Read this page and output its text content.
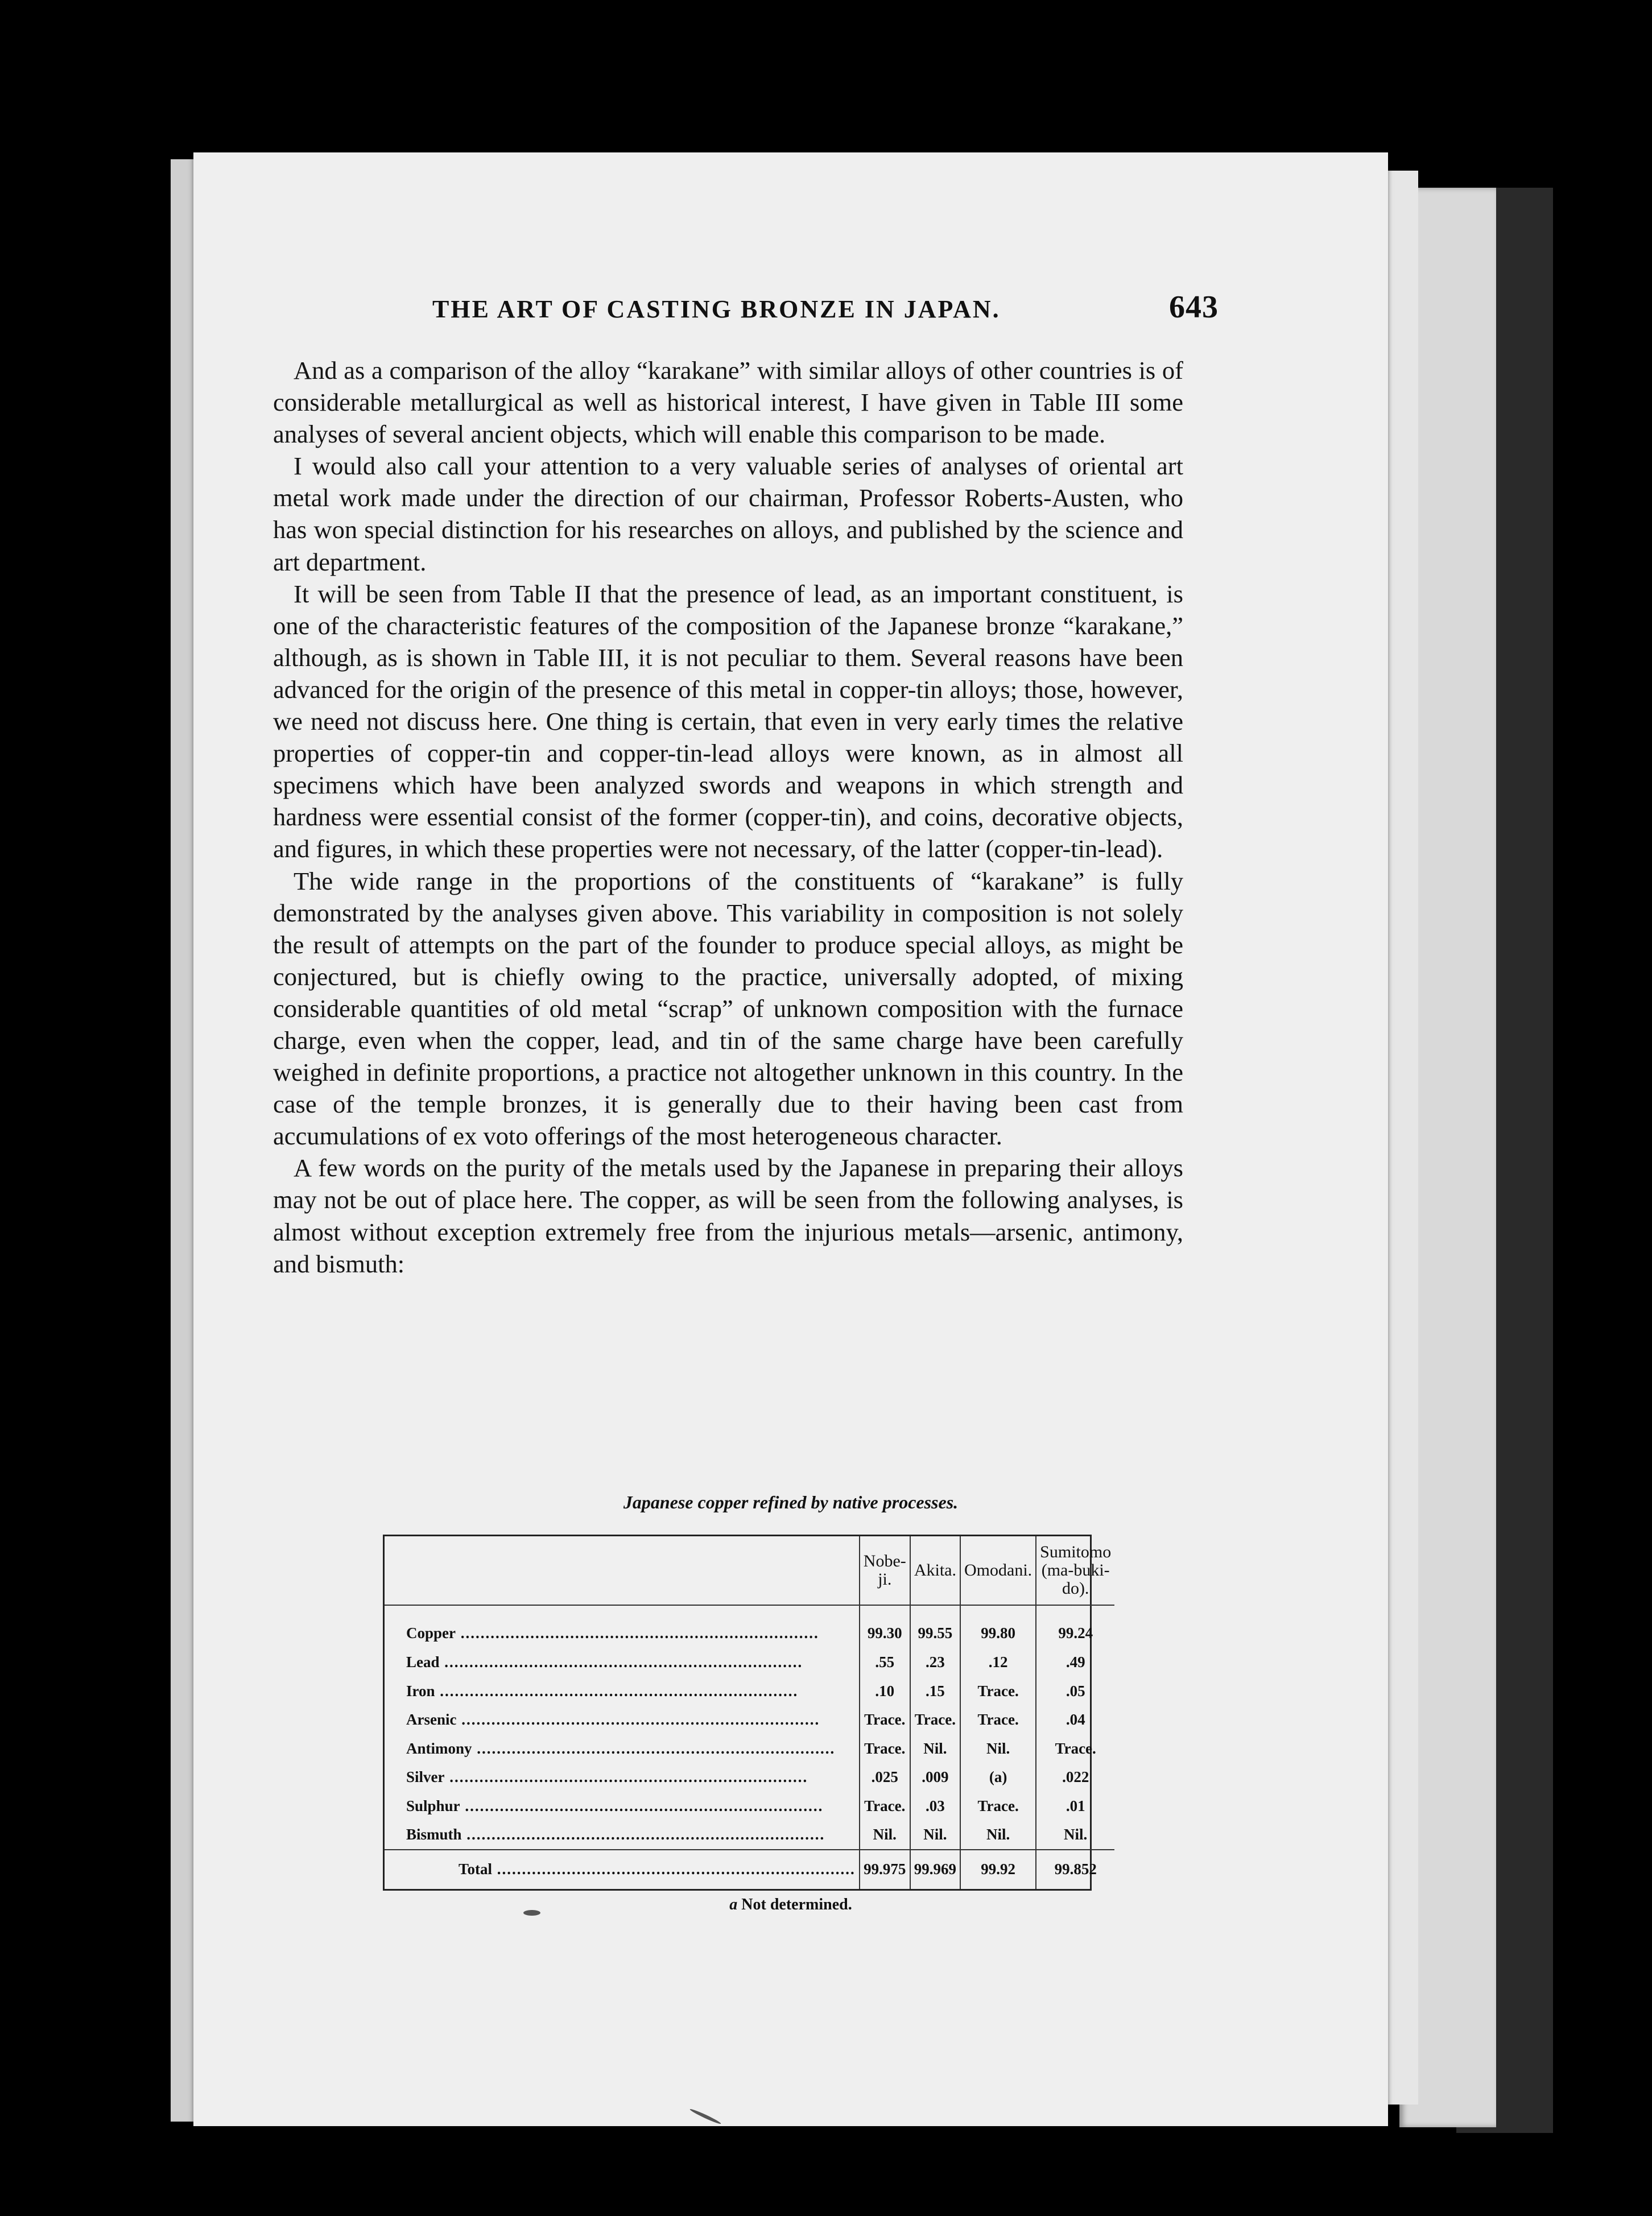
THE ART OF CASTING BRONZE IN JAPAN.	643

And as a comparison of the alloy “karakane” with similar alloys of other countries is of considerable metallurgical as well as historical interest, I have given in Table III some analyses of several ancient objects, which will enable this comparison to be made.

I would also call your attention to a very valuable series of analyses of oriental art metal work made under the direction of our chairman, Professor Roberts-Austen, who has won special distinction for his researches on alloys, and published by the science and art department.

It will be seen from Table II that the presence of lead, as an important constituent, is one of the characteristic features of the composition of the Japanese bronze “karakane,” although, as is shown in Table III, it is not peculiar to them. Several reasons have been advanced for the origin of the presence of this metal in copper-tin alloys; those, however, we need not discuss here. One thing is certain, that even in very early times the relative properties of copper-tin and copper-tin-lead alloys were known, as in almost all specimens which have been analyzed swords and weapons in which strength and hardness were essential consist of the former (copper-tin), and coins, decorative objects, and figures, in which these properties were not necessary, of the latter (copper-tin-lead).

The wide range in the proportions of the constituents of “karakane” is fully demonstrated by the analyses given above. This variability in composition is not solely the result of attempts on the part of the founder to produce special alloys, as might be conjectured, but is chiefly owing to the practice, universally adopted, of mixing considerable quantities of old metal “scrap” of unknown composition with the furnace charge, even when the copper, lead, and tin of the same charge have been carefully weighed in definite proportions, a practice not altogether unknown in this country. In the case of the temple bronzes, it is generally due to their having been cast from accumulations of ex voto offerings of the most heterogeneous character.

A few words on the purity of the metals used by the Japanese in preparing their alloys may not be out of place here. The copper, as will be seen from the following analyses, is almost without exception extremely free from the injurious metals—arsenic, antimony, and bismuth:

Japanese copper refined by native processes.
	Nobe-ji.	Akita.	Omodani.	Sumitomo (ma-buki-do).
Copper .....	99.30	99.55	99.80	99.24
Lead .....	.55	.23	.12	.49
Iron .....	.10	.15	Trace.	.05
Arsenic .....	Trace.	Trace.	Trace.	.04
Antimony .....	Trace.	Nil.	Nil.	Trace.
Silver .....	.025	.009	(a)	.022
Sulphur .....	Trace.	.03	Trace.	.01
Bismuth .....	Nil.	Nil.	Nil.	Nil.
Total .....	99.975	99.969	99.92	99.852
a Not determined.
